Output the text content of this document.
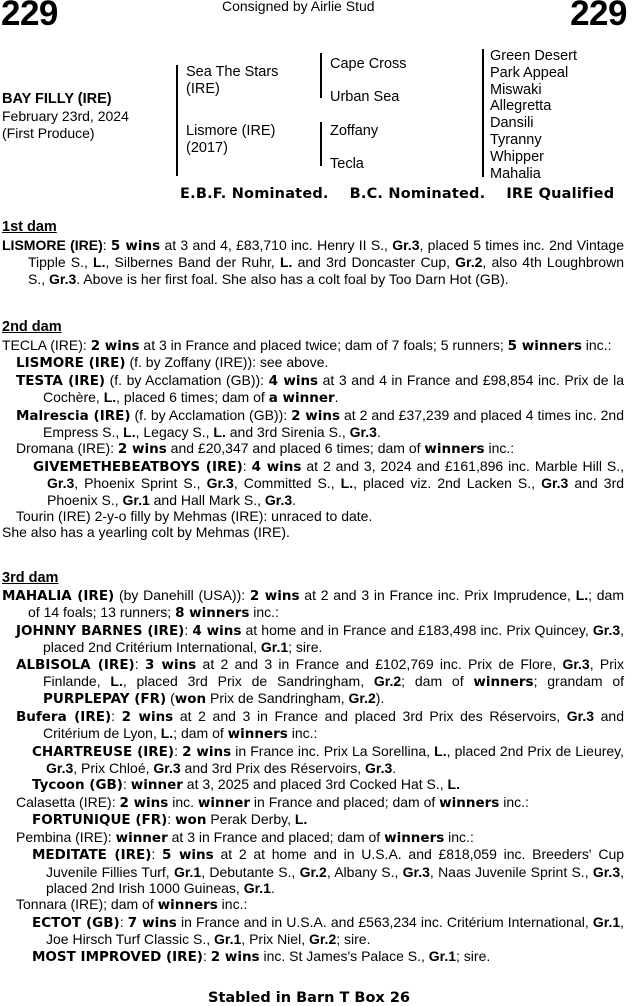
229	Consigned by Airlie Stud	229
BAY FILLY (IRE)
February 23rd, 2024
(First Produce)
Sea The Stars
(IRE)
Lismore (IRE)
(2017)
Cape Cross
Urban Sea
Zoffany
Tecla
Green Desert
Park Appeal
Miswaki
Allegretta
Dansili
Tyranny
Whipper
Mahalia
E.B.F. Nominated.    B.C. Nominated.    IRE Qualified
1st dam

LISMORE (IRE): 5 wins at 3 and 4, £83,710 inc. Henry II S., Gr.3, placed 5 times inc. 2nd Vintage Tipple S., L., Silbernes Band der Ruhr, L. and 3rd Doncaster Cup, Gr.2, also 4th Loughbrown S., Gr.3. Above is her first foal. She also has a colt foal by Too Darn Hot (GB).

2nd dam

TECLA (IRE): 2 wins at 3 in France and placed twice; dam of 7 foals; 5 runners; 5 winners inc.:

LISMORE (IRE) (f. by Zoffany (IRE)): see above.

TESTA (IRE) (f. by Acclamation (GB)): 4 wins at 3 and 4 in France and £98,854 inc. Prix de la Cochère, L., placed 6 times; dam of a winner.

Malrescia (IRE) (f. by Acclamation (GB)): 2 wins at 2 and £37,239 and placed 4 times inc. 2nd Empress S., L., Legacy S., L. and 3rd Sirenia S., Gr.3.

Dromana (IRE): 2 wins and £20,347 and placed 6 times; dam of winners inc.:

GIVEMETHEBEATBOYS (IRE): 4 wins at 2 and 3, 2024 and £161,896 inc. Marble Hill S., Gr.3, Phoenix Sprint S., Gr.3, Committed S., L., placed viz. 2nd Lacken S., Gr.3 and 3rd Phoenix S., Gr.1 and Hall Mark S., Gr.3.

Tourin (IRE) 2-y-o filly by Mehmas (IRE): unraced to date.

She also has a yearling colt by Mehmas (IRE).

3rd dam

MAHALIA (IRE) (by Danehill (USA)): 2 wins at 2 and 3 in France inc. Prix Imprudence, L.; dam of 14 foals; 13 runners; 8 winners inc.:

JOHNNY BARNES (IRE): 4 wins at home and in France and £183,498 inc. Prix Quincey, Gr.3, placed 2nd Critérium International, Gr.1; sire.

ALBISOLA (IRE): 3 wins at 2 and 3 in France and £102,769 inc. Prix de Flore, Gr.3, Prix Finlande, L., placed 3rd Prix de Sandringham, Gr.2; dam of winners; grandam of PURPLEPAY (FR) (won Prix de Sandringham, Gr.2).

Bufera (IRE): 2 wins at 2 and 3 in France and placed 3rd Prix des Réservoirs, Gr.3 and Critérium de Lyon, L.; dam of winners inc.:

CHARTREUSE (IRE): 2 wins in France inc. Prix La Sorellina, L., placed 2nd Prix de Lieurey, Gr.3, Prix Chloé, Gr.3 and 3rd Prix des Réservoirs, Gr.3.

Tycoon (GB): winner at 3, 2025 and placed 3rd Cocked Hat S., L.

Calasetta (IRE): 2 wins inc. winner in France and placed; dam of winners inc.:

FORTUNIQUE (FR): won Perak Derby, L.

Pembina (IRE): winner at 3 in France and placed; dam of winners inc.:

MEDITATE (IRE): 5 wins at 2 at home and in U.S.A. and £818,059 inc. Breeders' Cup Juvenile Fillies Turf, Gr.1, Debutante S., Gr.2, Albany S., Gr.3, Naas Juvenile Sprint S., Gr.3, placed 2nd Irish 1000 Guineas, Gr.1.

Tonnara (IRE); dam of winners inc.:

ECTOT (GB): 7 wins in France and in U.S.A. and £563,234 inc. Critérium International, Gr.1, Joe Hirsch Turf Classic S., Gr.1, Prix Niel, Gr.2; sire.

MOST IMPROVED (IRE): 2 wins inc. St James's Palace S., Gr.1; sire.

Stabled in Barn T Box 26
